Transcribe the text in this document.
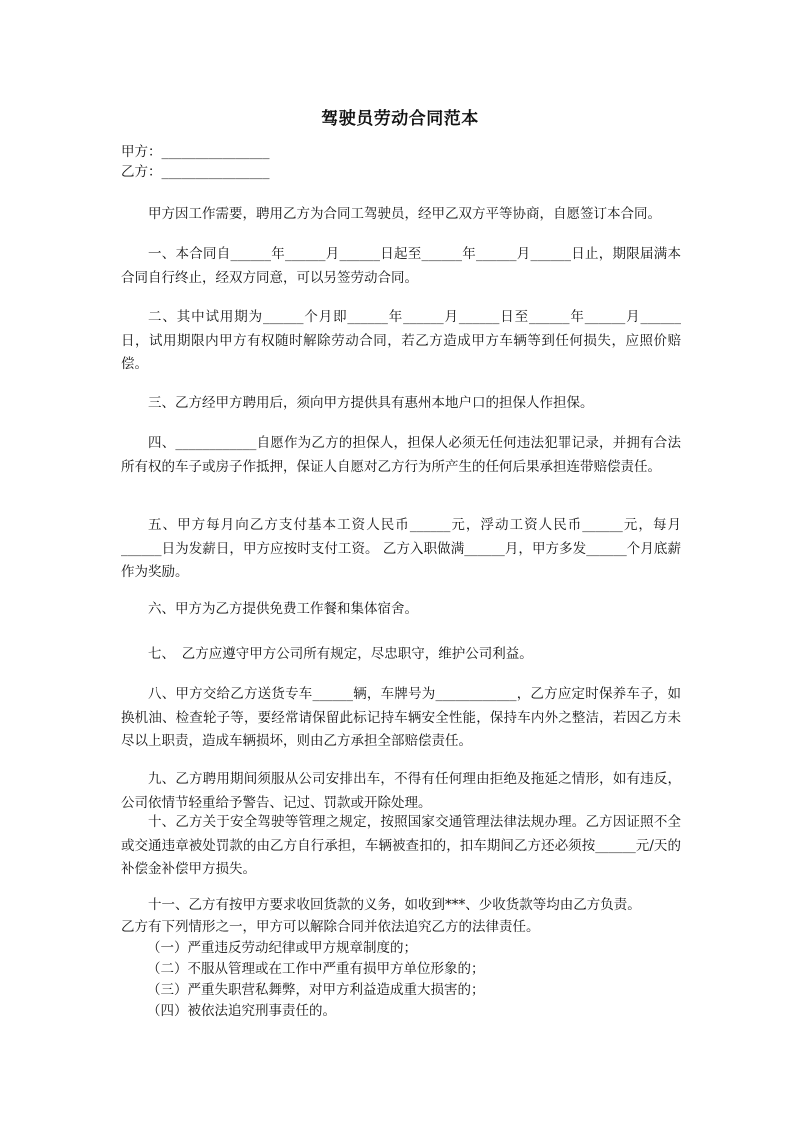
驾驶员劳动合同范本
甲方：________________
乙方：________________
甲方因工作需要，聘用乙方为合同工驾驶员，经甲乙双方平等协商，自愿签订本合同。
一、本合同自______年______月______日起至______年______月______日止，期限届满本合同自行终止，经双方同意，可以另签劳动合同。
二、其中试用期为______个月即______年______月______日至______年______月______日，试用期限内甲方有权随时解除劳动合同，若乙方造成甲方车辆等到任何损失，应照价赔偿。
三、乙方经甲方聘用后，须向甲方提供具有惠州本地户口的担保人作担保。
四、____________自愿作为乙方的担保人，担保人必须无任何违法犯罪记录，并拥有合法所有权的车子或房子作抵押，保证人自愿对乙方行为所产生的任何后果承担连带赔偿责任。
五、甲方每月向乙方支付基本工资人民币______元，浮动工资人民币______元，每月______日为发薪日，甲方应按时支付工资。 乙方入职做满______月，甲方多发______个月底薪作为奖励。
六、甲方为乙方提供免费工作餐和集体宿舍。
七、　乙方应遵守甲方公司所有规定，尽忠职守，维护公司利益。
八、甲方交给乙方送货专车______辆，车牌号为____________，乙方应定时保养车子，如换机油、检查轮子等，要经常请保留此标记持车辆安全性能，保持车内外之整洁，若因乙方未尽以上职责，造成车辆损坏，则由乙方承担全部赔偿责任。
九、乙方聘用期间须服从公司安排出车，不得有任何理由拒绝及拖延之情形，如有违反，公司依情节轻重给予警告、记过、罚款或开除处理。
十、乙方关于安全驾驶等管理之规定，按照国家交通管理法律法规办理。乙方因证照不全或交通违章被处罚款的由乙方自行承担，车辆被查扣的，扣车期间乙方还必须按______元/天的补偿金补偿甲方损失。
十一、乙方有按甲方要求收回货款的义务，如收到***、少收货款等均由乙方负责。
乙方有下列情形之一，甲方可以解除合同并依法追究乙方的法律责任。
（一）严重违反劳动纪律或甲方规章制度的；
（二）不服从管理或在工作中严重有损甲方单位形象的；
（三）严重失职营私舞弊，对甲方利益造成重大损害的；
（四）被依法追究刑事责任的。
